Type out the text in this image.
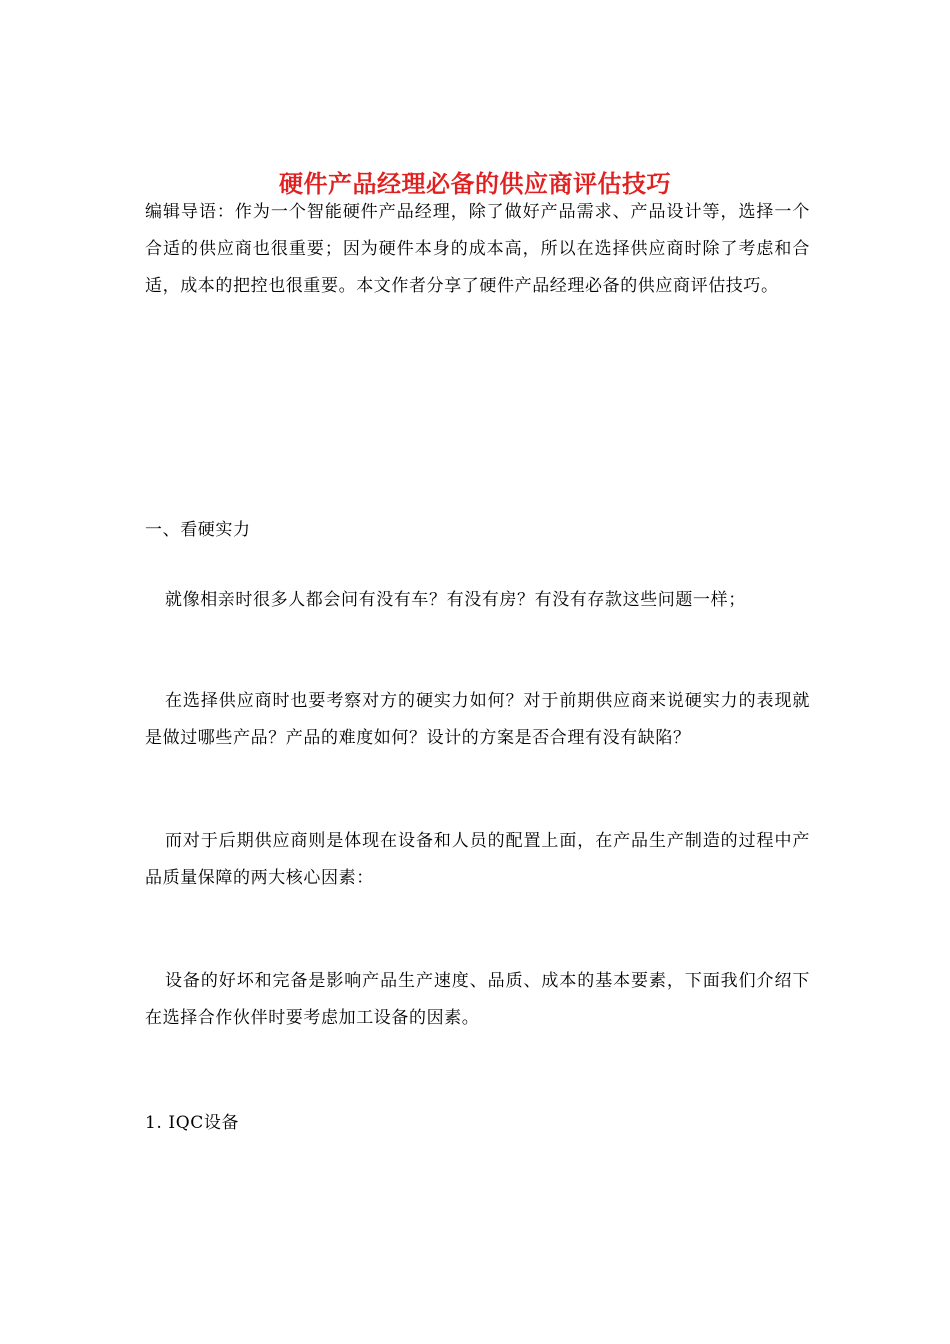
硬件产品经理必备的供应商评估技巧

编辑导语：作为一个智能硬件产品经理，除了做好产品需求、产品设计等，选择一个合适的供应商也很重要；因为硬件本身的成本高，所以在选择供应商时除了考虑和合适，成本的把控也很重要。本文作者分享了硬件产品经理必备的供应商评估技巧。

一、看硬实力

就像相亲时很多人都会问有没有车？有没有房？有没有存款这些问题一样；

在选择供应商时也要考察对方的硬实力如何？对于前期供应商来说硬实力的表现就是做过哪些产品？产品的难度如何？设计的方案是否合理有没有缺陷？

而对于后期供应商则是体现在设备和人员的配置上面，在产品生产制造的过程中产品质量保障的两大核心因素：

设备的好坏和完备是影响产品生产速度、品质、成本的基本要素，下面我们介绍下在选择合作伙伴时要考虑加工设备的因素。

1. IQC设备
